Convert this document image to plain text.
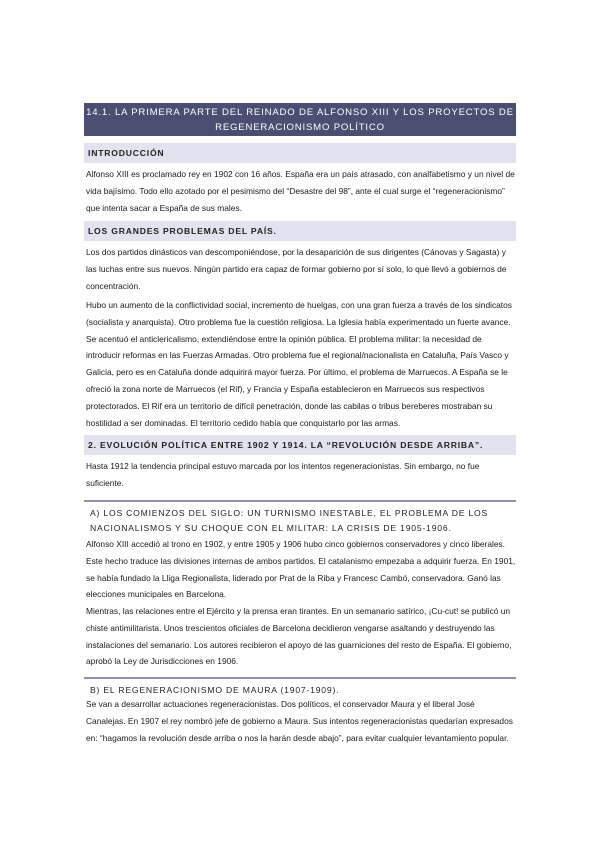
14.1. LA PRIMERA PARTE DEL REINADO DE ALFONSO XIII Y LOS PROYECTOS DE
REGENERACIONISMO POLÍTICO
INTRODUCCIÓN

Alfonso XIII es proclamado rey en 1902 con 16 años. España era un país atrasado, con analfabetismo y un nivel de vida bajísimo. Todo ello azotado por el pesimismo del “Desastre del 98”, ante el cual surge el “regeneracionismo” que intenta sacar a España de sus males.

LOS GRANDES PROBLEMAS DEL PAÍS.

Los dos partidos dinásticos van descomponiéndose, por la desaparición de sus dirigentes (Cánovas y Sagasta) y las luchas entre sus nuevos. Ningún partido era capaz de formar gobierno por sí solo, lo que llevó a gobiernos de concentración.

Hubo un aumento de la conflictividad social, incremento de huelgas, con una gran fuerza a través de los sindicatos (socialista y anarquista). Otro problema fue la cuestión religiosa. La Iglesia había experimentado un fuerte avance. Se acentuó el anticlericalismo, extendiéndose entre la opinión pública. El problema militar: la necesidad de introducir reformas en las Fuerzas Armadas. Otro problema fue el regional/nacionalista en Cataluña, País Vasco y Galicia, pero es en Cataluña donde adquirirá mayor fuerza. Por último, el problema de Marruecos. A España se le ofreció la zona norte de Marruecos (el Rif), y Francia y España establecieron en Marruecos sus respectivos protectorados. El Rif era un territorio de difícil penetración, donde las cabilas o tribus bereberes mostraban su hostilidad a ser dominadas. El territorio cedido había que conquistarlo por las armas.

2. EVOLUCIÓN POLÍTICA ENTRE 1902 Y 1914. LA “REVOLUCIÓN DESDE ARRIBA”.

Hasta 1912 la tendencia principal estuvo marcada por los intentos regeneracionistas. Sin embargo, no fue suficiente.

A) LOS COMIENZOS DEL SIGLO: UN TURNISMO INESTABLE, EL PROBLEMA DE LOS NACIONALISMOS Y SU CHOQUE CON EL MILITAR: LA CRISIS DE 1905-1906.

Alfonso XIII accedió al trono en 1902, y entre 1905 y 1906 hubo cinco gobiernos conservadores y cinco liberales. Este hecho traduce las divisiones internas de ambos partidos. El catalanismo empezaba a adquirir fuerza. En 1901, se había fundado la Lliga Regionalista, liderado por Prat de la Riba y Francesc Cambó, conservadora. Ganó las elecciones municipales en Barcelona.

Mientras, las relaciones entre el Ejército y la prensa eran tirantes. En un semanario satírico, ¡Cu-cut! se publicó un chiste antimilitarista. Unos trescientos oficiales de Barcelona decidieron vengarse asaltando y destruyendo las instalaciones del semanario. Los autores recibieron el apoyo de las guarniciones del resto de España. El gobierno, aprobó la Ley de Jurisdicciones en 1906.

B) EL REGENERACIONISMO DE MAURA (1907-1909).

Se van a desarrollar actuaciones regeneracionistas. Dos políticos, el conservador Maura y el liberal José Canalejas. En 1907 el rey nombró jefe de gobierno a Maura. Sus intentos regeneracionistas quedarían expresados en: “hagamos la revolución desde arriba o nos la harán desde abajo”, para evitar cualquier levantamiento popular.
